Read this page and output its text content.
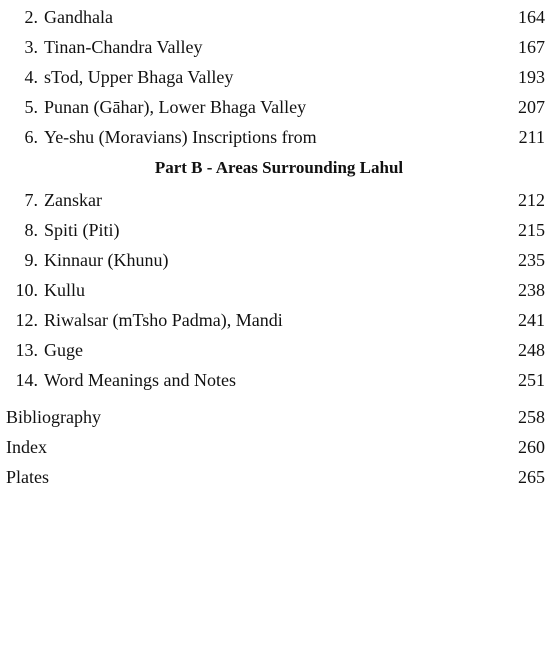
2. Gandhala	164
3. Tinan-Chandra Valley	167
4. sTod, Upper Bhaga Valley	193
5. Punan (Gāhar), Lower Bhaga Valley	207
6. Ye-shu (Moravians) Inscriptions from	211
Part B - Areas Surrounding Lahul
7. Zanskar	212
8. Spiti (Piti)	215
9. Kinnaur (Khunu)	235
10. Kullu	238
12. Riwalsar (mTsho Padma), Mandi	241
13. Guge	248
14. Word Meanings and Notes	251
Bibliography	258
Index	260
Plates	265
